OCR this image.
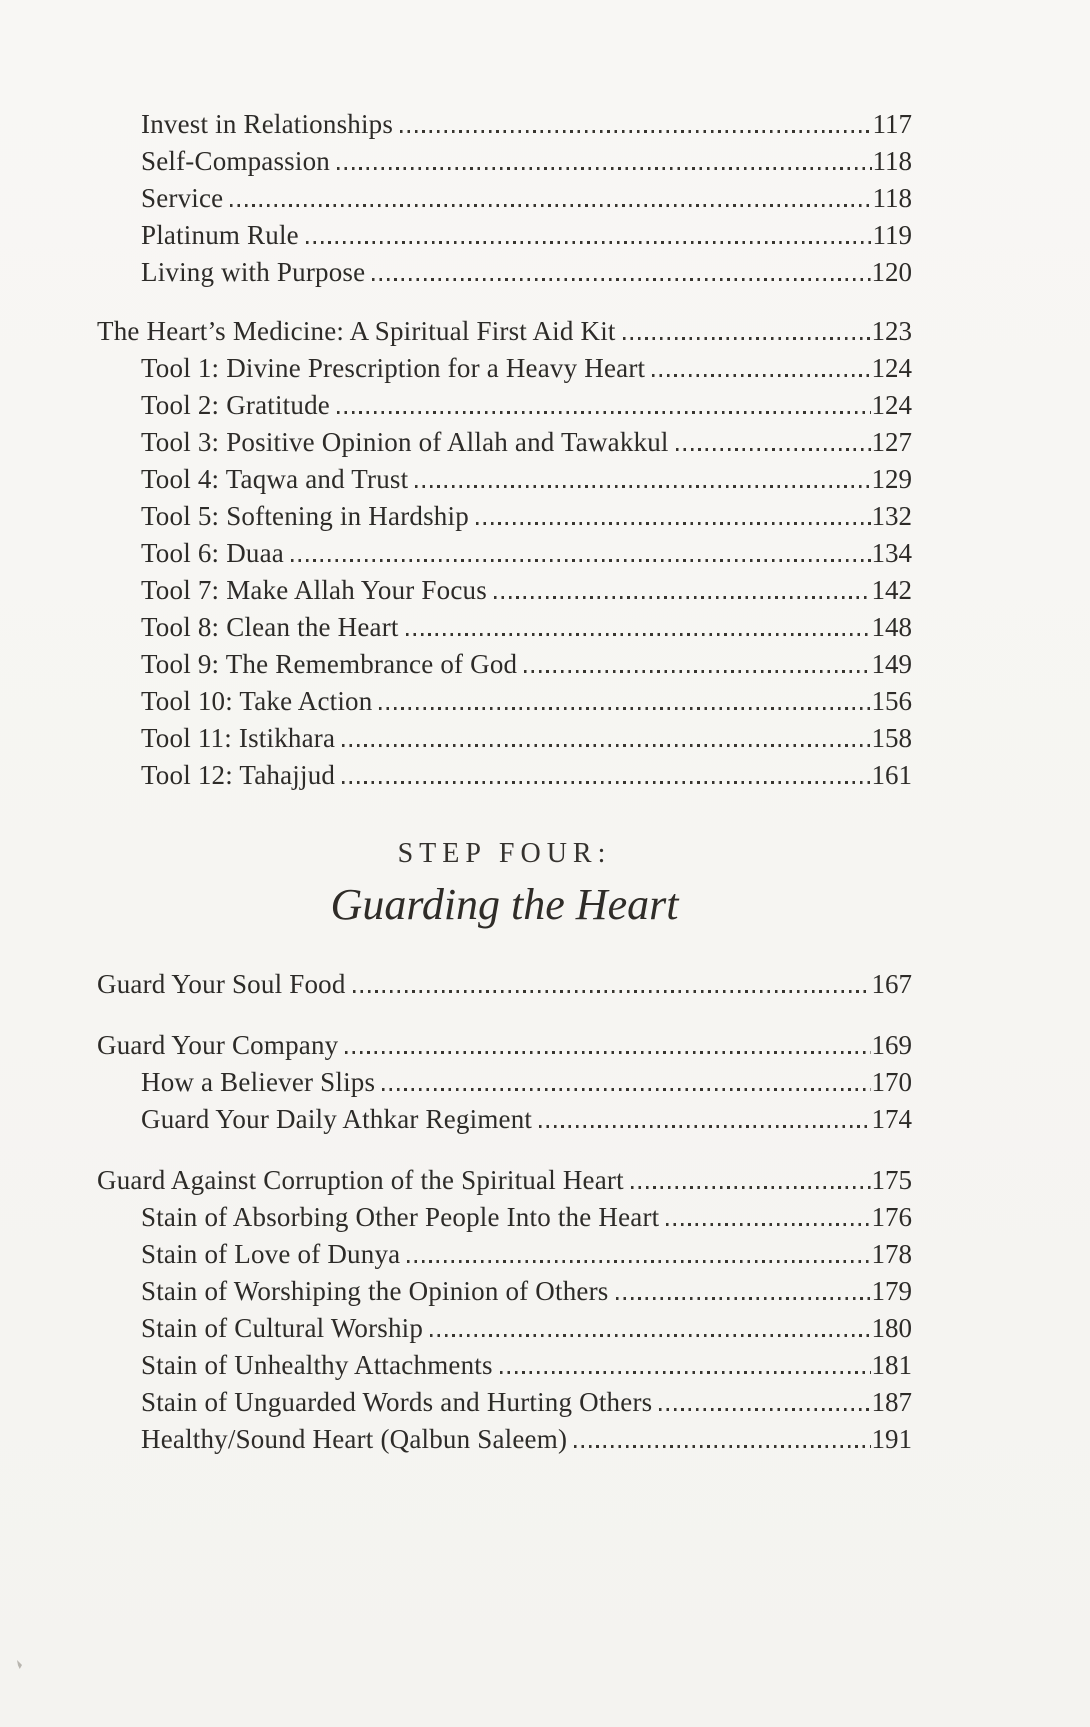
Invest in Relationships	117
Self-Compassion	118
Service	118
Platinum Rule	119
Living with Purpose	120
The Heart’s Medicine: A Spiritual First Aid Kit	123
Tool 1: Divine Prescription for a Heavy Heart	124
Tool 2: Gratitude	124
Tool 3: Positive Opinion of Allah and Tawakkul	127
Tool 4: Taqwa and Trust	129
Tool 5: Softening in Hardship	132
Tool 6: Duaa	134
Tool 7: Make Allah Your Focus	142
Tool 8: Clean the Heart	148
Tool 9: The Remembrance of God	149
Tool 10: Take Action	156
Tool 11: Istikhara	158
Tool 12: Tahajjud	161
STEP FOUR:
Guarding the Heart
Guard Your Soul Food	167
Guard Your Company	169
How a Believer Slips	170
Guard Your Daily Athkar Regiment	174
Guard Against Corruption of the Spiritual Heart	175
Stain of Absorbing Other People Into the Heart	176
Stain of Love of Dunya	178
Stain of Worshiping the Opinion of Others	179
Stain of Cultural Worship	180
Stain of Unhealthy Attachments	181
Stain of Unguarded Words and Hurting Others	187
Healthy/Sound Heart (Qalbun Saleem)	191
